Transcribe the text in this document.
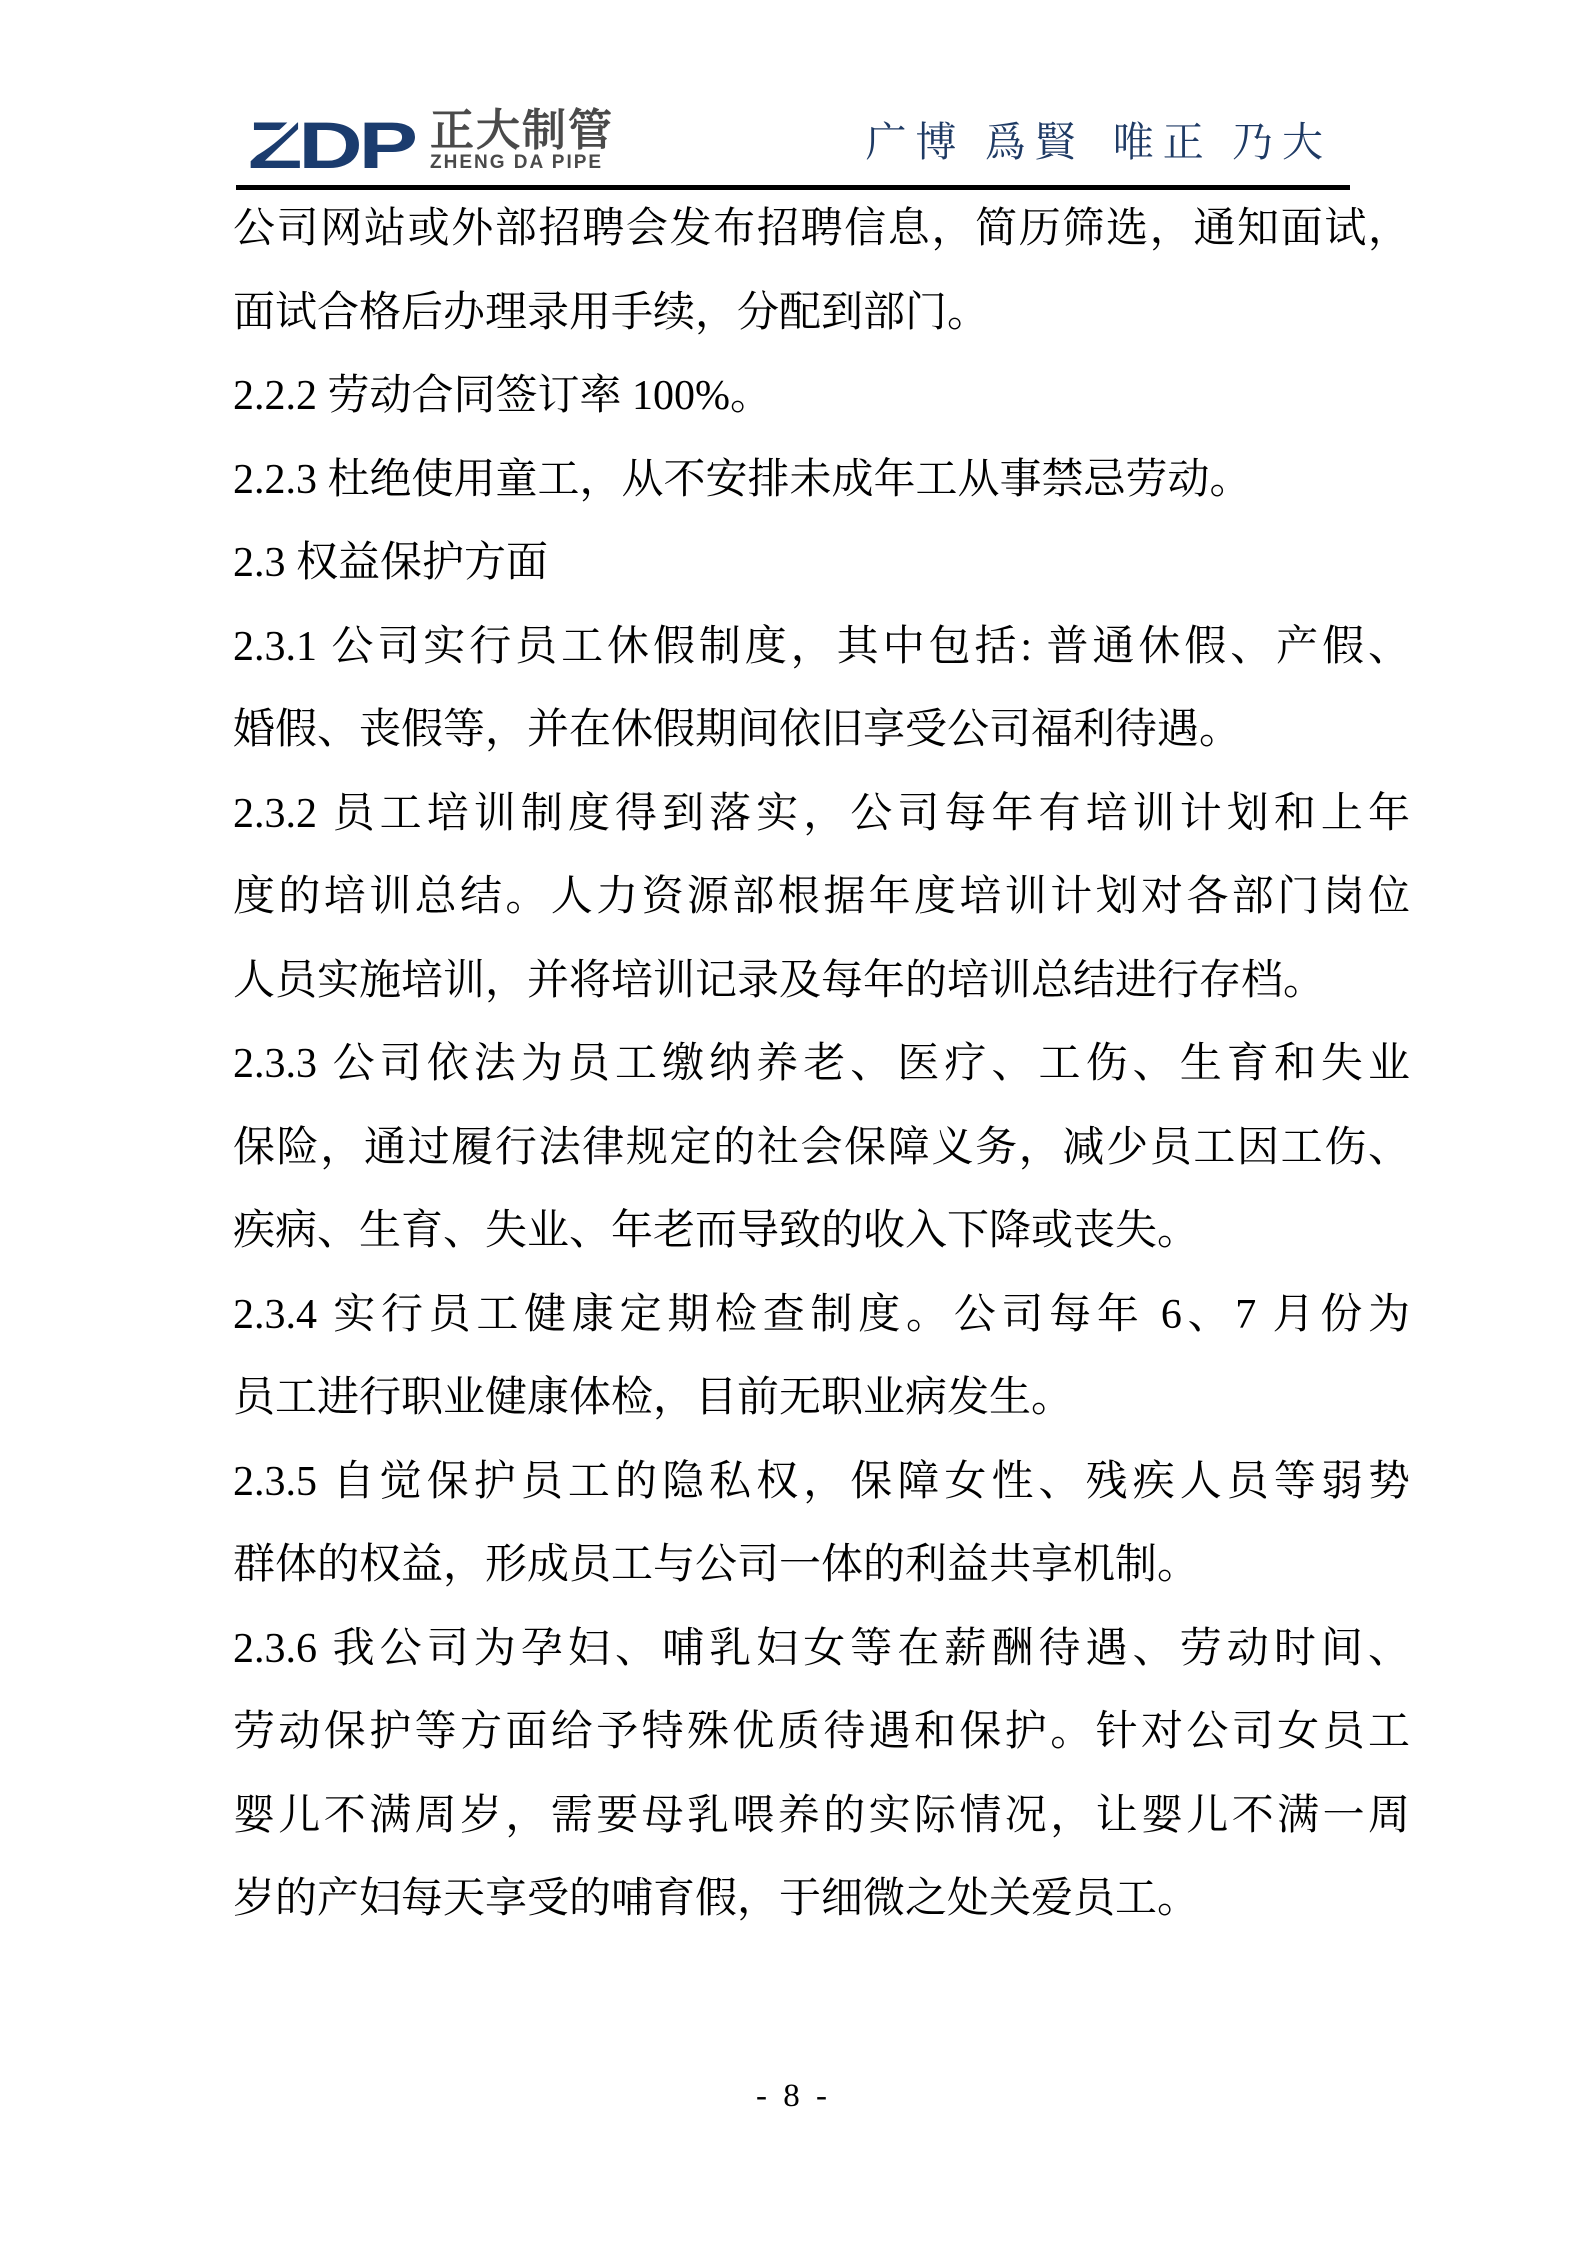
ZDP 正大制管
ZHENG DA PIPE	广博 爲賢 唯正 乃大
公司网站或外部招聘会发布招聘信息，简历筛选，通知面试，
面试合格后办理录用手续，分配到部门。
2.2.2 劳动合同签订率 100%。
2.2.3 杜绝使用童工，从不安排未成年工从事禁忌劳动。
2.3 权益保护方面
2.3.1 公司实行员工休假制度，其中包括: 普通休假、产假、
婚假、丧假等，并在休假期间依旧享受公司福利待遇。
2.3.2 员工培训制度得到落实，公司每年有培训计划和上年
度的培训总结。人力资源部根据年度培训计划对各部门岗位
人员实施培训，并将培训记录及每年的培训总结进行存档。
2.3.3 公司依法为员工缴纳养老、医疗、工伤、生育和失业
保险，通过履行法律规定的社会保障义务，减少员工因工伤、
疾病、生育、失业、年老而导致的收入下降或丧失。
2.3.4 实行员工健康定期检查制度。公司每年 6、7 月份为
员工进行职业健康体检，目前无职业病发生。
2.3.5 自觉保护员工的隐私权，保障女性、残疾人员等弱势
群体的权益，形成员工与公司一体的利益共享机制。
2.3.6 我公司为孕妇、哺乳妇女等在薪酬待遇、劳动时间、
劳动保护等方面给予特殊优质待遇和保护。针对公司女员工
婴儿不满周岁，需要母乳喂养的实际情况，让婴儿不满一周
岁的产妇每天享受的哺育假，于细微之处关爱员工。
- 8 -
